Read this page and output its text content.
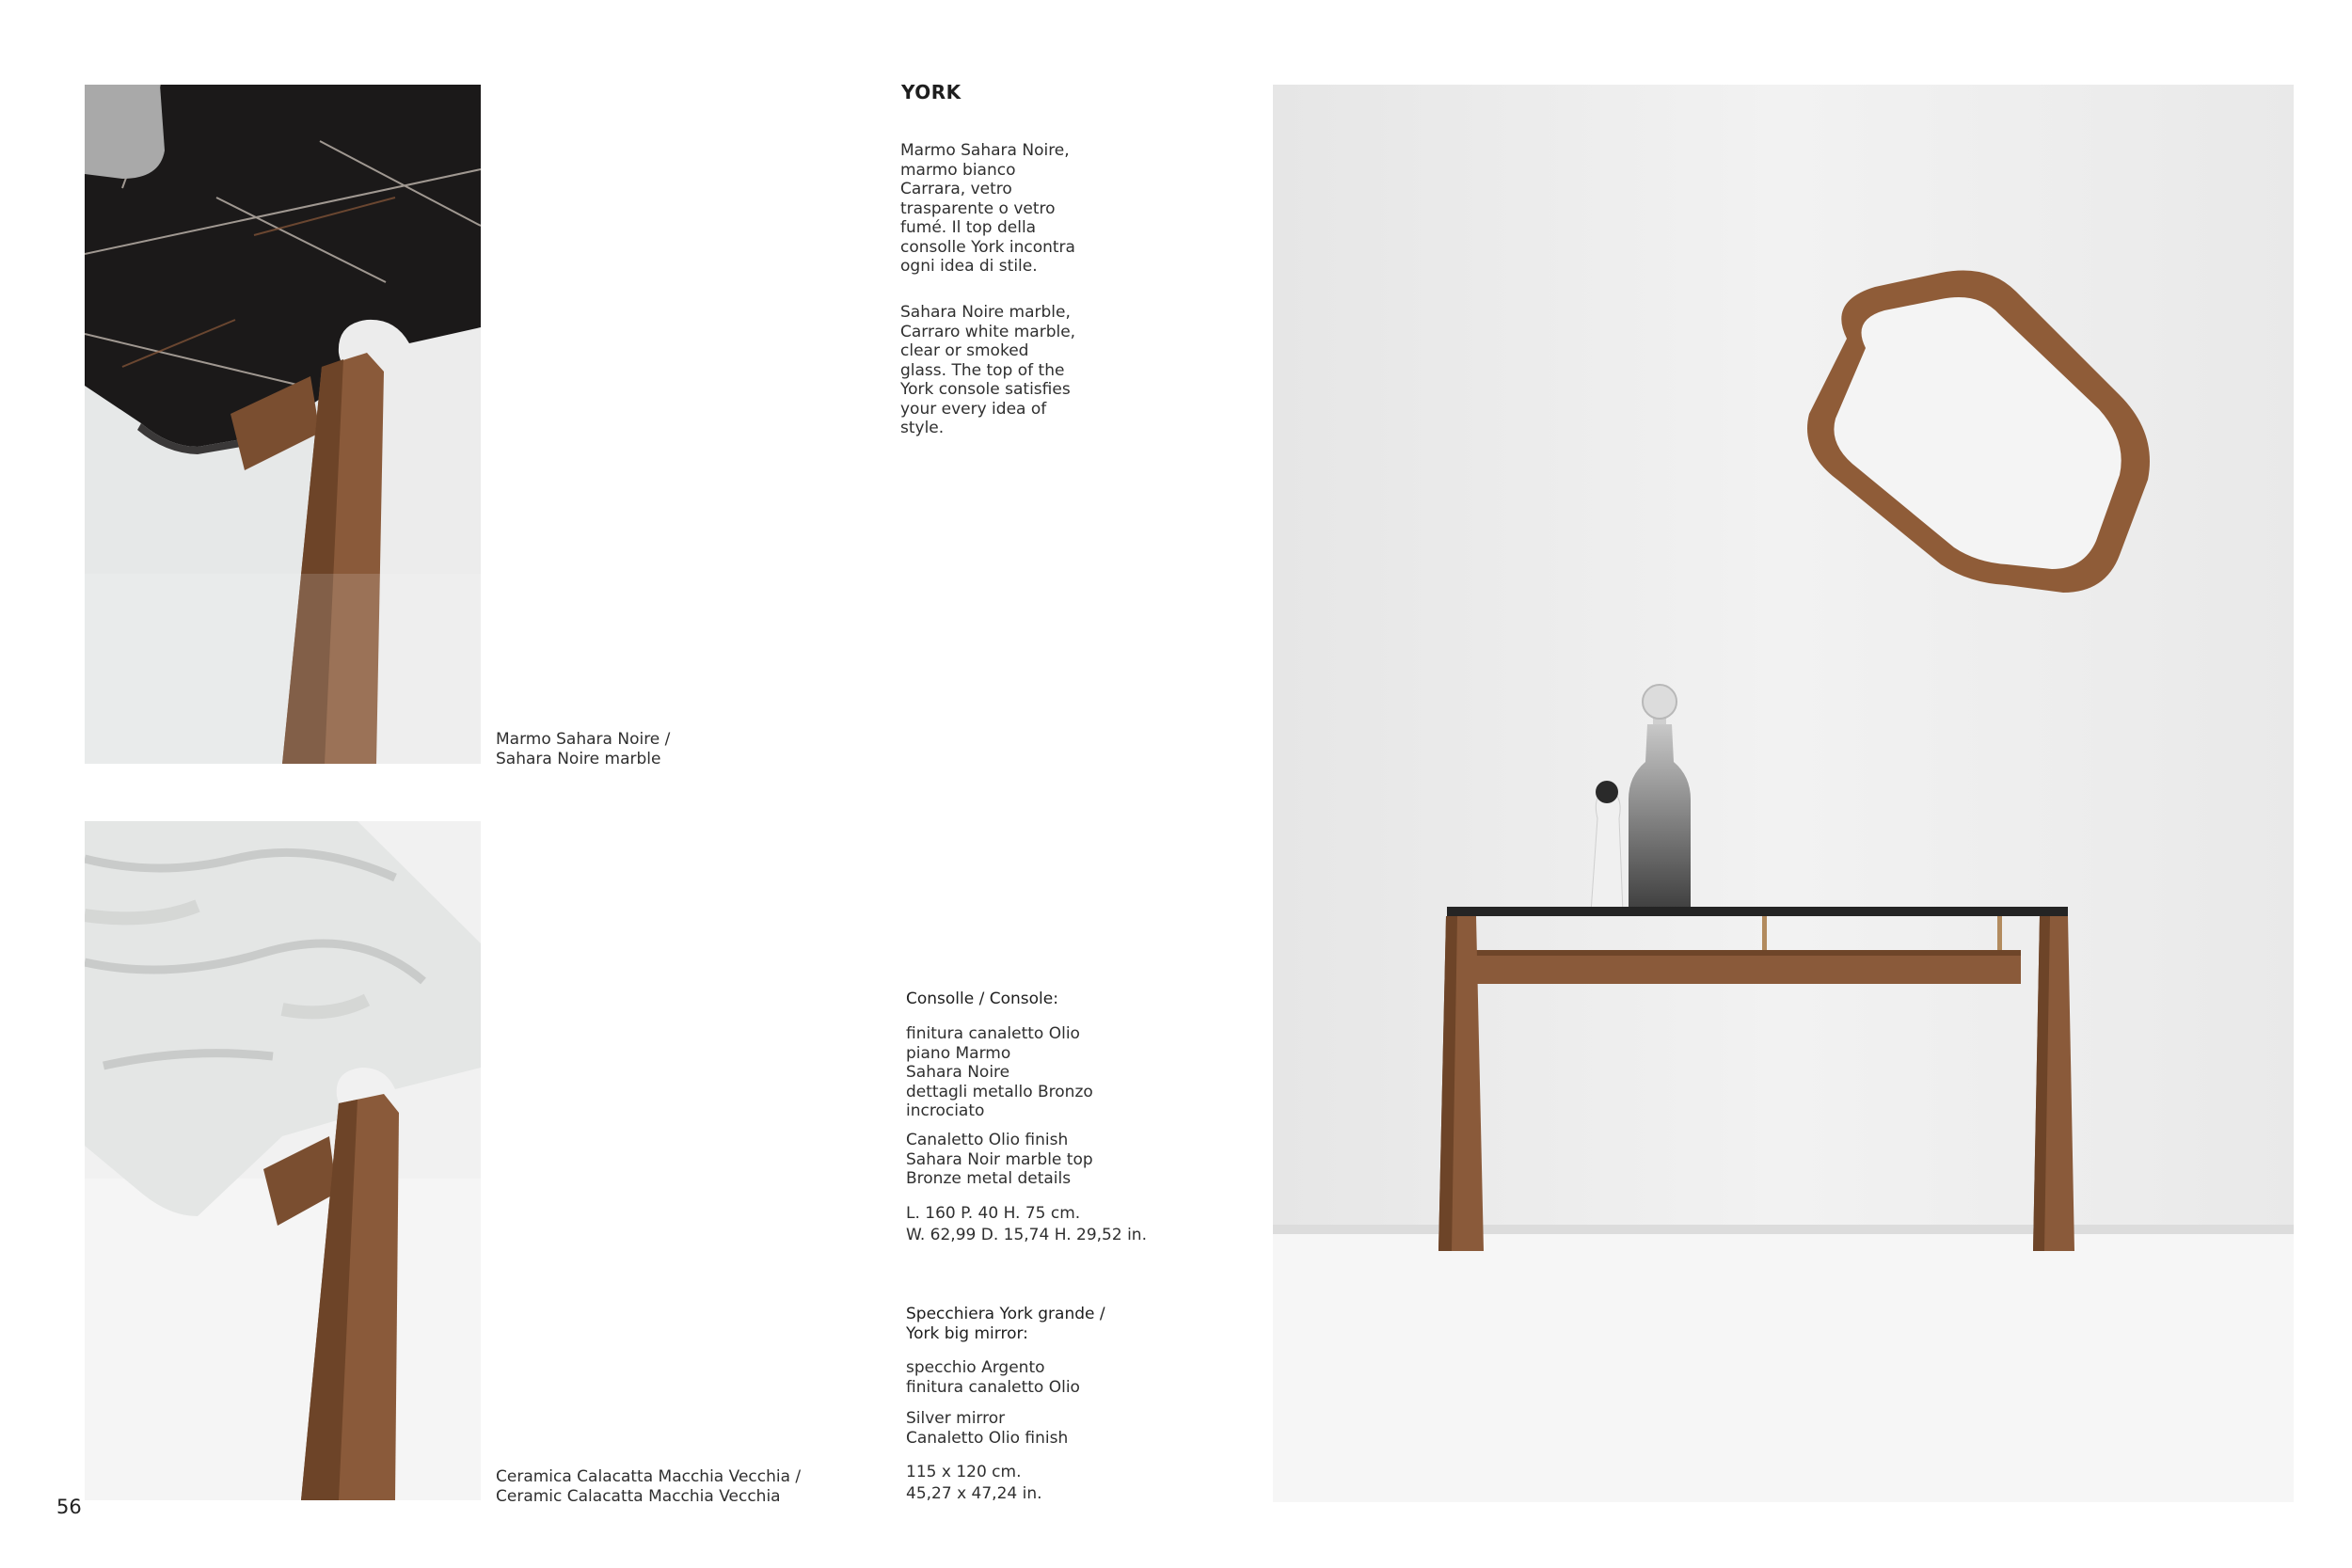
Marmo Sahara Noire /
Sahara Noire marble
Ceramica Calacatta Macchia Vecchia /
Ceramic Calacatta Macchia Vecchia
56
YORK
Marmo Sahara Noire,
marmo bianco
Carrara, vetro
trasparente o vetro
fumé. Il top della
consolle York incontra
ogni idea di stile.
Sahara Noire marble,
Carraro white marble,
clear or smoked
glass. The top of the
York console satisfies
your every idea of
style.
Consolle / Console:
finitura canaletto Olio
piano Marmo
Sahara Noire
dettagli metallo Bronzo
incrociato
Canaletto Olio finish
Sahara Noir marble top
Bronze metal details
L. 160 P. 40 H. 75 cm.
W. 62,99 D. 15,74 H. 29,52 in.
Specchiera York grande /
York big mirror:
specchio Argento
finitura canaletto Olio
Silver mirror
Canaletto Olio finish
115 x 120 cm.
45,27 x 47,24 in.
